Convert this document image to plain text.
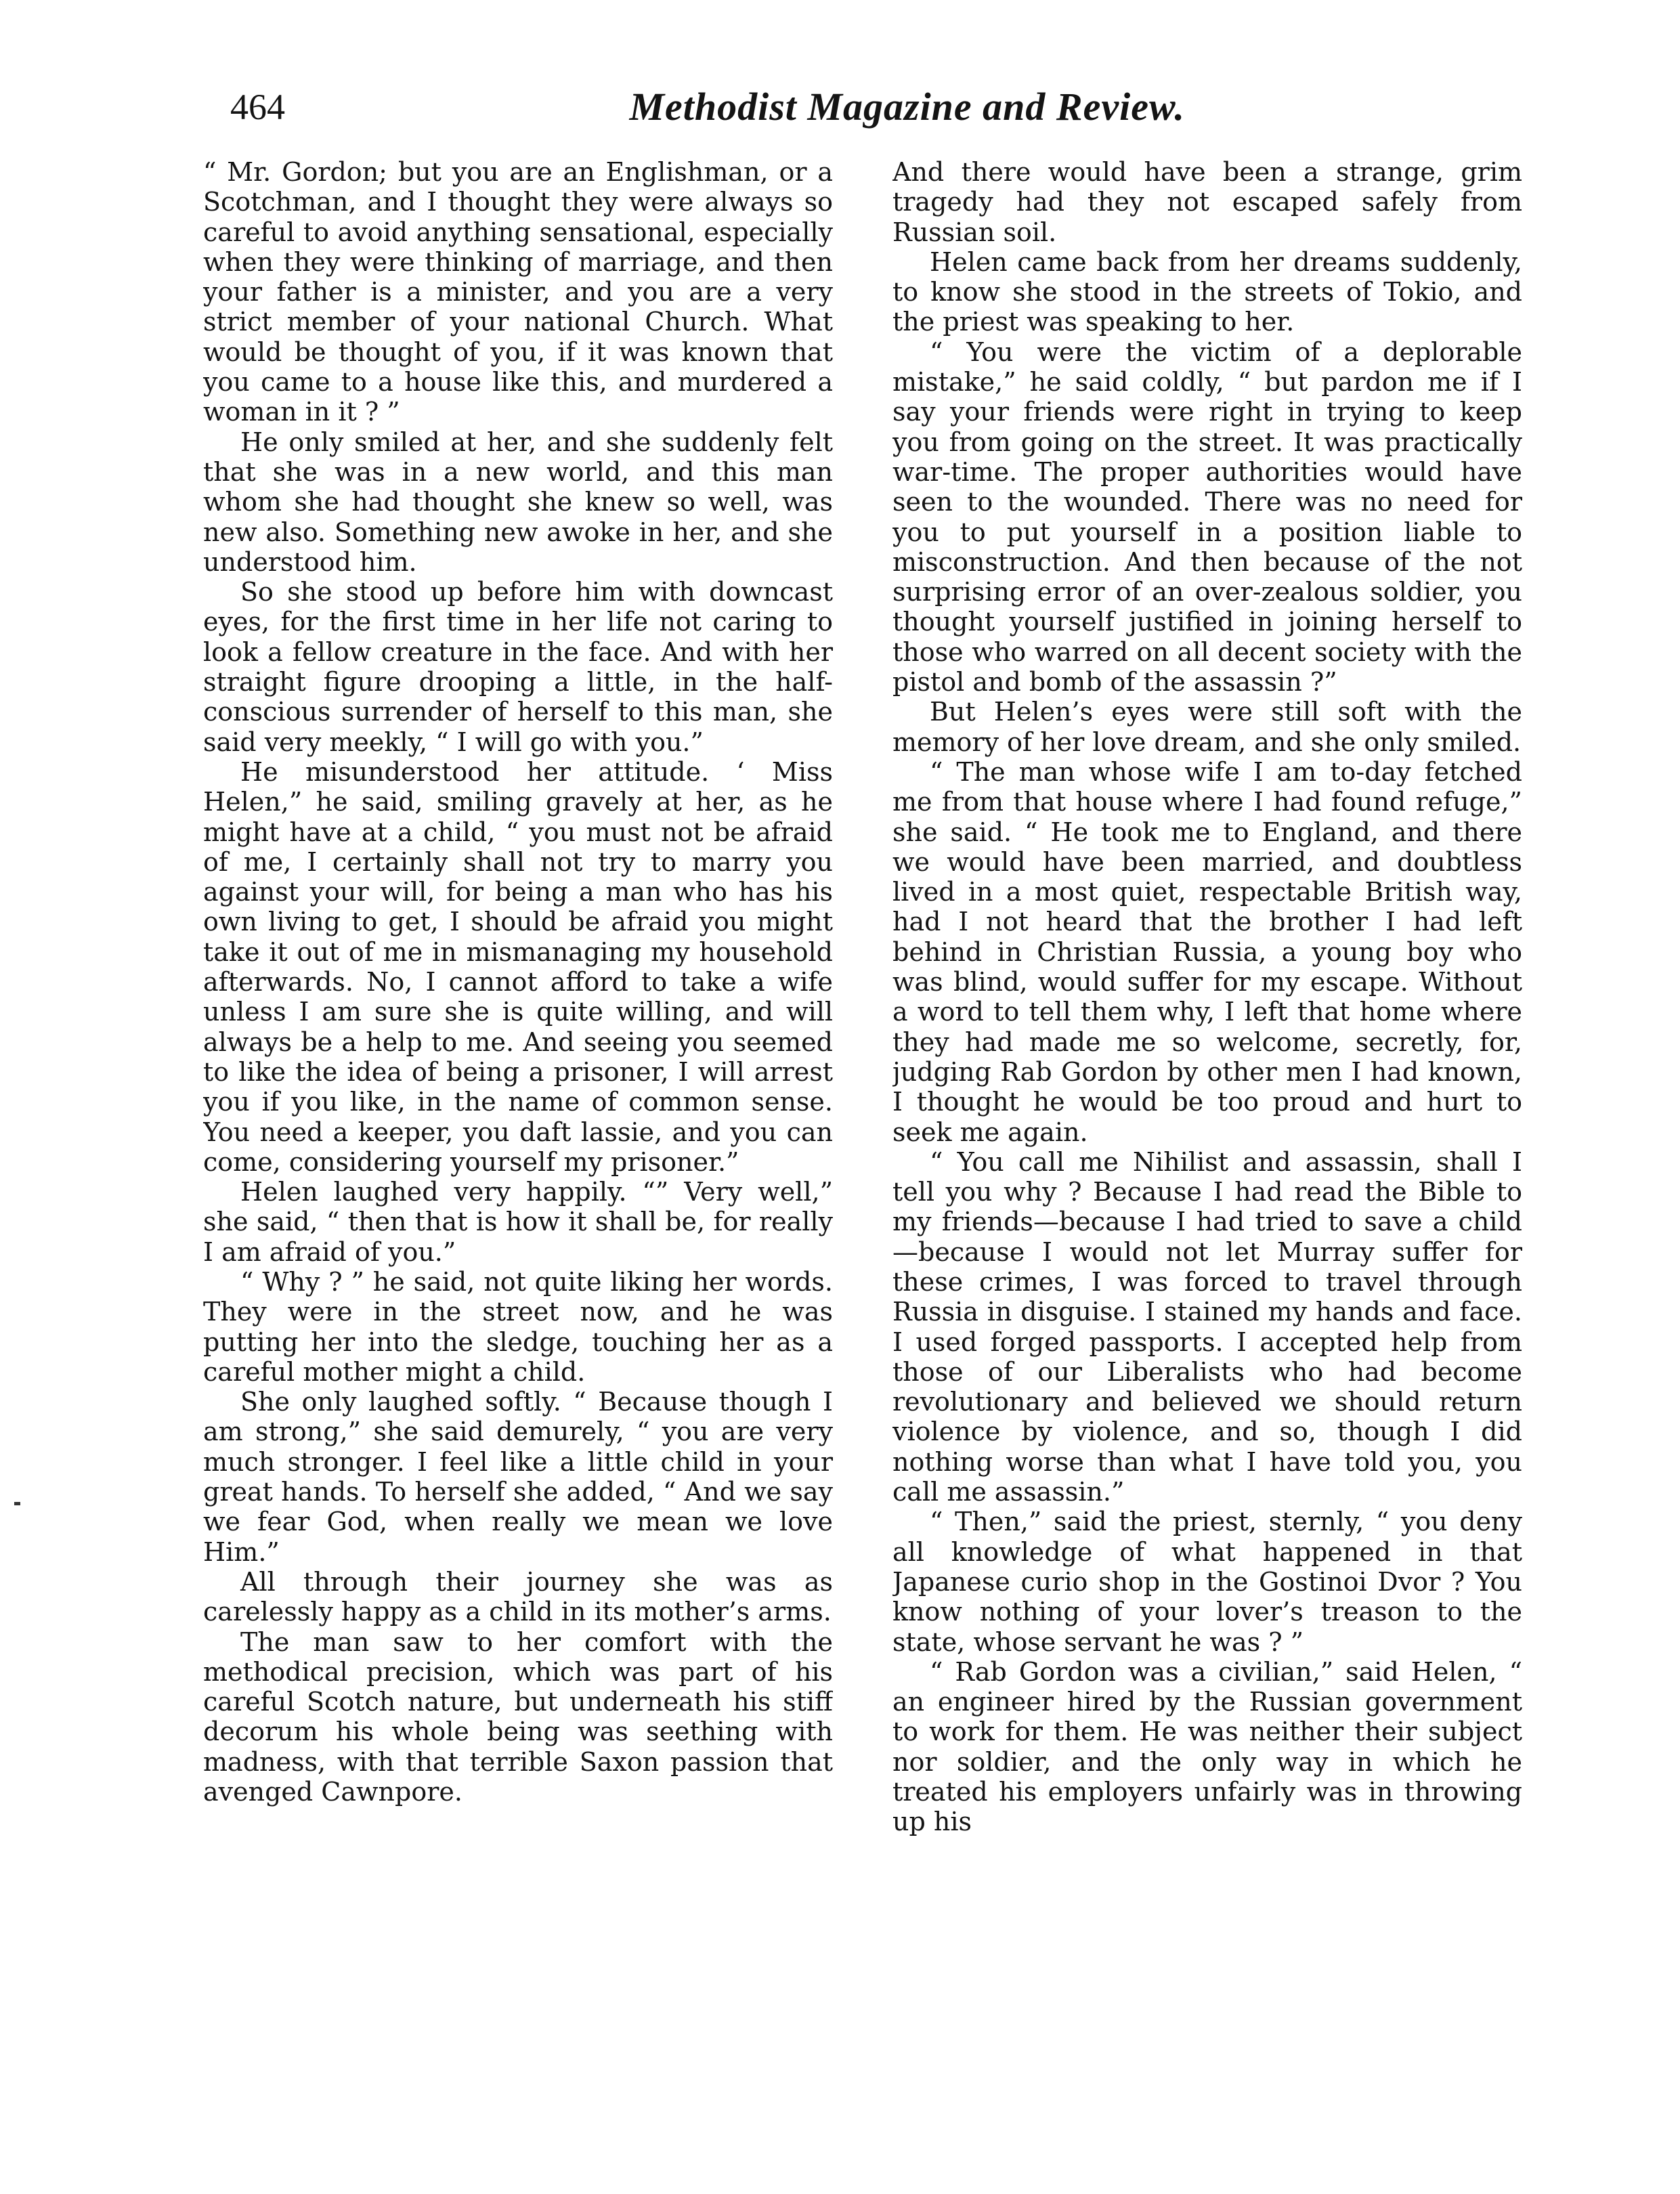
464	Methodist Magazine and Review.

“ Mr. Gordon; but you are an Englishman, or a Scotchman, and I thought they were always so careful to avoid anything sensational, especially when they were thinking of marriage, and then your father is a minister, and you are a very strict member of your national Church. What would be thought of you, if it was known that you came to a house like this, and murdered a woman in it ? ”

He only smiled at her, and she suddenly felt that she was in a new world, and this man whom she had thought she knew so well, was new also. Something new awoke in her, and she understood him.

So she stood up before him with downcast eyes, for the first time in her life not caring to look a fellow creature in the face. And with her straight figure drooping a little, in the half-conscious surrender of herself to this man, she said very meekly, “ I will go with you.”

He misunderstood her attitude. ‘ Miss Helen,” he said, smiling gravely at her, as he might have at a child, “ you must not be afraid of me, I certainly shall not try to marry you against your will, for being a man who has his own living to get, I should be afraid you might take it out of me in mismanaging my household afterwards. No, I cannot afford to take a wife unless I am sure she is quite willing, and will always be a help to me. And seeing you seemed to like the idea of being a prisoner, I will arrest you if you like, in the name of common sense. You need a keeper, you daft lassie, and you can come, considering yourself my prisoner.”

Helen laughed very happily. “” Very well,” she said, “ then that is how it shall be, for really I am afraid of you.”

“ Why ? ” he said, not quite liking her words. They were in the street now, and he was putting her into the sledge, touching her as a careful mother might a child.

She only laughed softly. “ Because though I am strong,” she said demurely, “ you are very much stronger. I feel like a little child in your great hands. To herself she added, “ And we say we fear God, when really we mean we love Him.”

All through their journey she was as carelessly happy as a child in its mother’s arms.

The man saw to her comfort with the methodical precision, which was part of his careful Scotch nature, but underneath his stiff decorum his whole being was seething with madness, with that terrible Saxon passion that avenged Cawnpore.

And there would have been a strange, grim tragedy had they not escaped safely from Russian soil.

Helen came back from her dreams suddenly, to know she stood in the streets of Tokio, and the priest was speaking to her.

“ You were the victim of a deplorable mistake,” he said coldly, “ but pardon me if I say your friends were right in trying to keep you from going on the street. It was practically war-time. The proper authorities would have seen to the wounded. There was no need for you to put yourself in a position liable to misconstruction. And then because of the not surprising error of an over-zealous soldier, you thought yourself justified in joining herself to those who warred on all decent society with the pistol and bomb of the assassin ?”

But Helen’s eyes were still soft with the memory of her love dream, and she only smiled.

“ The man whose wife I am to-day fetched me from that house where I had found refuge,” she said. “ He took me to England, and there we would have been married, and doubtless lived in a most quiet, respectable British way, had I not heard that the brother I had left behind in Christian Russia, a young boy who was blind, would suffer for my escape. Without a word to tell them why, I left that home where they had made me so welcome, secretly, for, judging Rab Gordon by other men I had known, I thought he would be too proud and hurt to seek me again.

“ You call me Nihilist and assassin, shall I tell you why ? Because I had read the Bible to my friends—because I had tried to save a child—because I would not let Murray suffer for these crimes, I was forced to travel through Russia in disguise. I stained my hands and face. I used forged passports. I accepted help from those of our Liberalists who had become revolutionary and believed we should return violence by violence, and so, though I did nothing worse than what I have told you, you call me assassin.”

“ Then,” said the priest, sternly, “ you deny all knowledge of what happened in that Japanese curio shop in the Gostinoi Dvor ? You know nothing of your lover’s treason to the state, whose servant he was ? ”

“ Rab Gordon was a civilian,” said Helen, “ an engineer hired by the Russian government to work for them. He was neither their subject nor soldier, and the only way in which he treated his employers unfairly was in throwing up his
